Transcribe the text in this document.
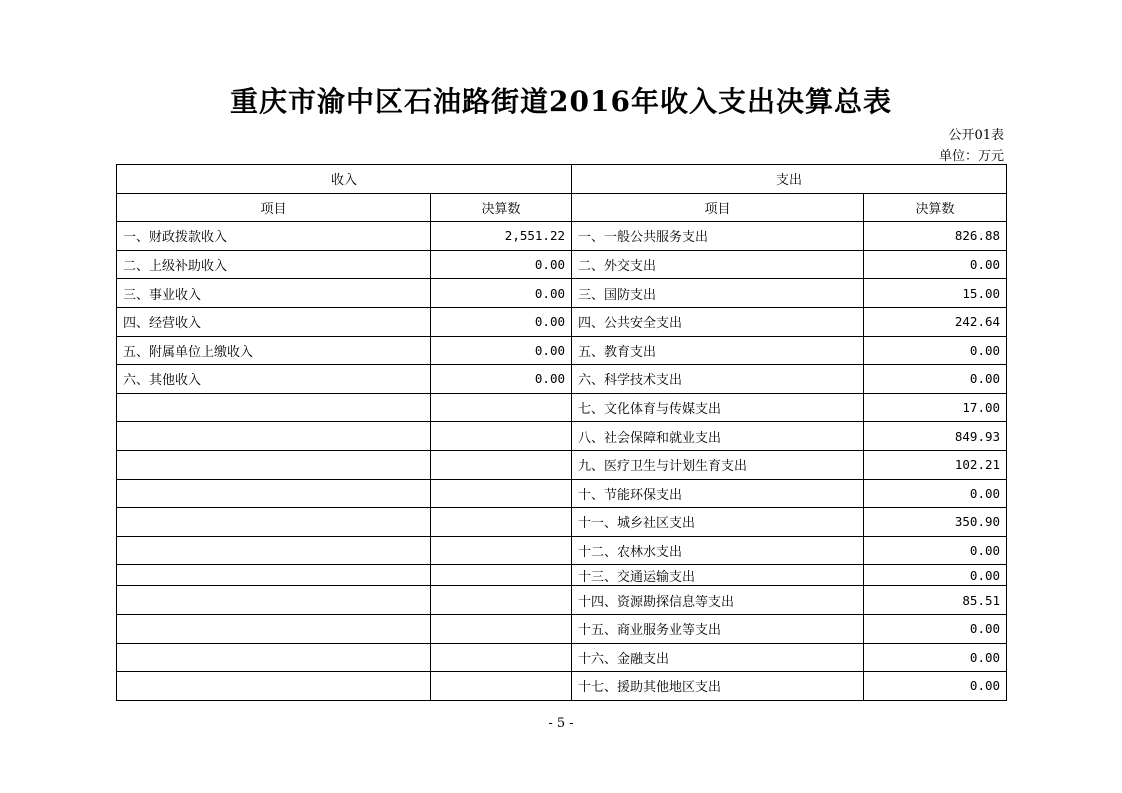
重庆市渝中区石油路街道2016年收入支出决算总表
公开01表
单位：万元
收入		支出	
项目	决算数	项目	决算数
一、财政拨款收入	2,551.22	一、一般公共服务支出	826.88
二、上级补助收入	0.00	二、外交支出	0.00
三、事业收入	0.00	三、国防支出	15.00
四、经营收入	0.00	四、公共安全支出	242.64
五、附属单位上缴收入	0.00	五、教育支出	0.00
六、其他收入	0.00	六、科学技术支出	0.00
		七、文化体育与传媒支出	17.00
		八、社会保障和就业支出	849.93
		九、医疗卫生与计划生育支出	102.21
		十、节能环保支出	0.00
		十一、城乡社区支出	350.90
		十二、农林水支出	0.00
		十三、交通运输支出	0.00
		十四、资源勘探信息等支出	85.51
		十五、商业服务业等支出	0.00
		十六、金融支出	0.00
		十七、援助其他地区支出	0.00
- 5 -
